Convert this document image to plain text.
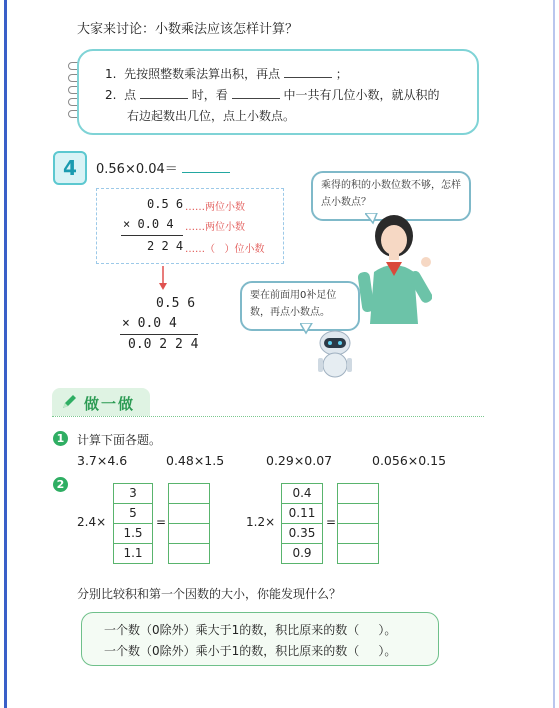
大家来讨论：小数乘法应该怎样计算？
1. 先按照整数乘法算出积，再点	；
2. 点	时，看	中一共有几位小数，就从积的
右边起数出几位，点上小数点。
4	0.56×0.04＝
0.5 6 ……两位小数
× 0.0 4 ……两位小数
2 2 4 ……（   ）位小数
0.5 6
× 0.0 4
0.0 2 2 4
乘得的积的小数位数不够，怎样点小数点？
要在前面用0补足位数，再点小数点。
做一做
1	计算下面各题。
3.7×4.6	0.48×1.5	0.29×0.07	0.056×0.15
2
2.4×
3
5
1.5
1.1
=	1.2×
0.4
0.11
0.35
0.9
=
分别比较积和第一个因数的大小，你能发现什么？
一个数（0除外）乘大于1的数，积比原来的数（     ）。
一个数（0除外）乘小于1的数，积比原来的数（     ）。
